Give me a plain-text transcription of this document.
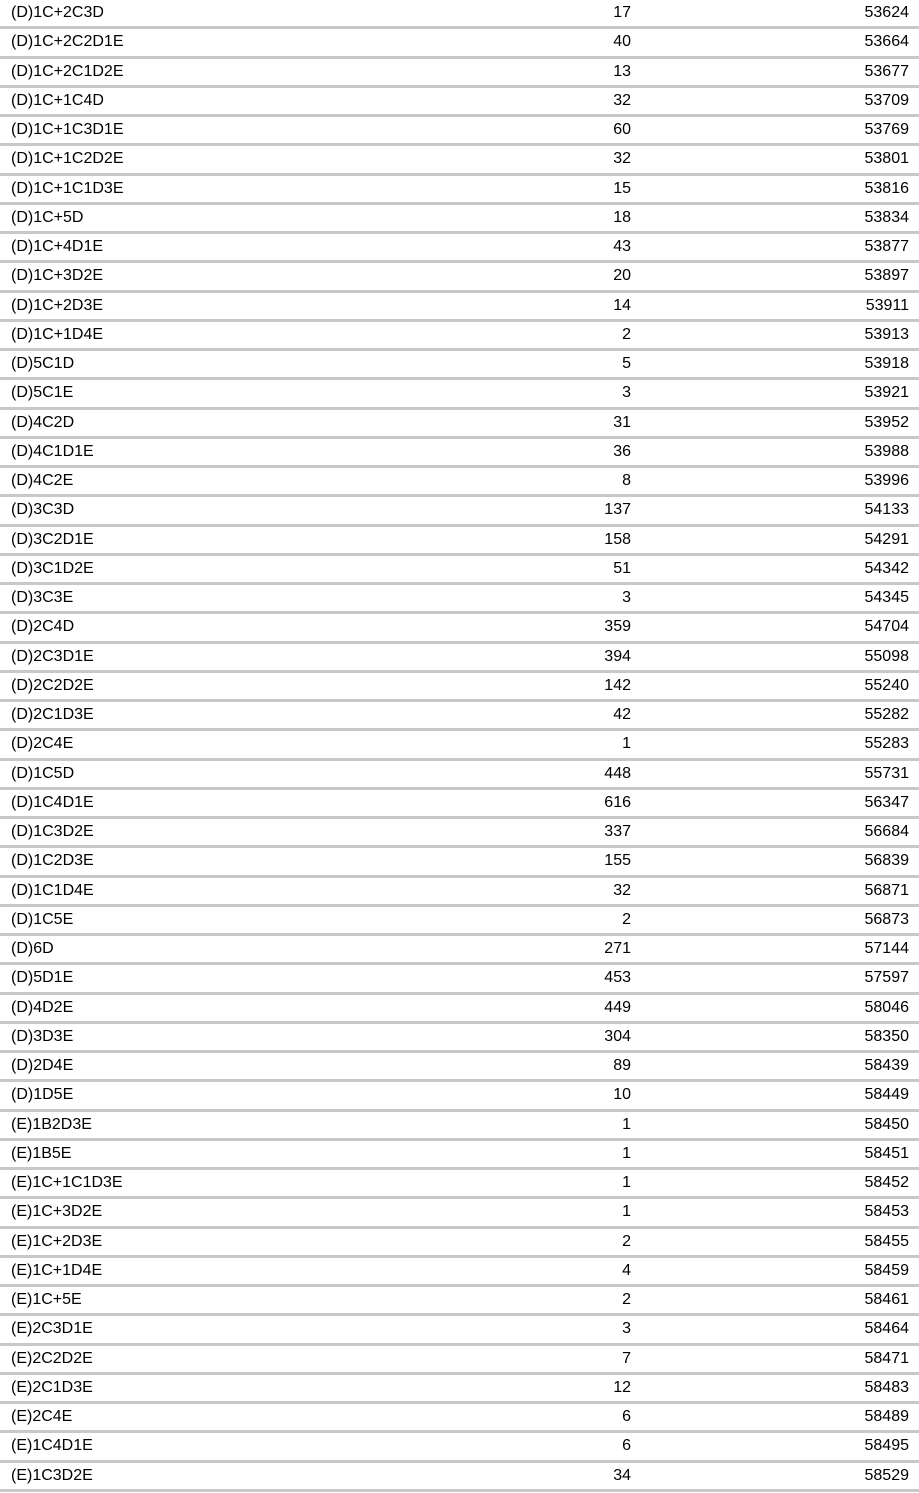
(D)1C+2C3D	17	53624
(D)1C+2C2D1E	40	53664
(D)1C+2C1D2E	13	53677
(D)1C+1C4D	32	53709
(D)1C+1C3D1E	60	53769
(D)1C+1C2D2E	32	53801
(D)1C+1C1D3E	15	53816
(D)1C+5D	18	53834
(D)1C+4D1E	43	53877
(D)1C+3D2E	20	53897
(D)1C+2D3E	14	53911
(D)1C+1D4E	2	53913
(D)5C1D	5	53918
(D)5C1E	3	53921
(D)4C2D	31	53952
(D)4C1D1E	36	53988
(D)4C2E	8	53996
(D)3C3D	137	54133
(D)3C2D1E	158	54291
(D)3C1D2E	51	54342
(D)3C3E	3	54345
(D)2C4D	359	54704
(D)2C3D1E	394	55098
(D)2C2D2E	142	55240
(D)2C1D3E	42	55282
(D)2C4E	1	55283
(D)1C5D	448	55731
(D)1C4D1E	616	56347
(D)1C3D2E	337	56684
(D)1C2D3E	155	56839
(D)1C1D4E	32	56871
(D)1C5E	2	56873
(D)6D	271	57144
(D)5D1E	453	57597
(D)4D2E	449	58046
(D)3D3E	304	58350
(D)2D4E	89	58439
(D)1D5E	10	58449
(E)1B2D3E	1	58450
(E)1B5E	1	58451
(E)1C+1C1D3E	1	58452
(E)1C+3D2E	1	58453
(E)1C+2D3E	2	58455
(E)1C+1D4E	4	58459
(E)1C+5E	2	58461
(E)2C3D1E	3	58464
(E)2C2D2E	7	58471
(E)2C1D3E	12	58483
(E)2C4E	6	58489
(E)1C4D1E	6	58495
(E)1C3D2E	34	58529
